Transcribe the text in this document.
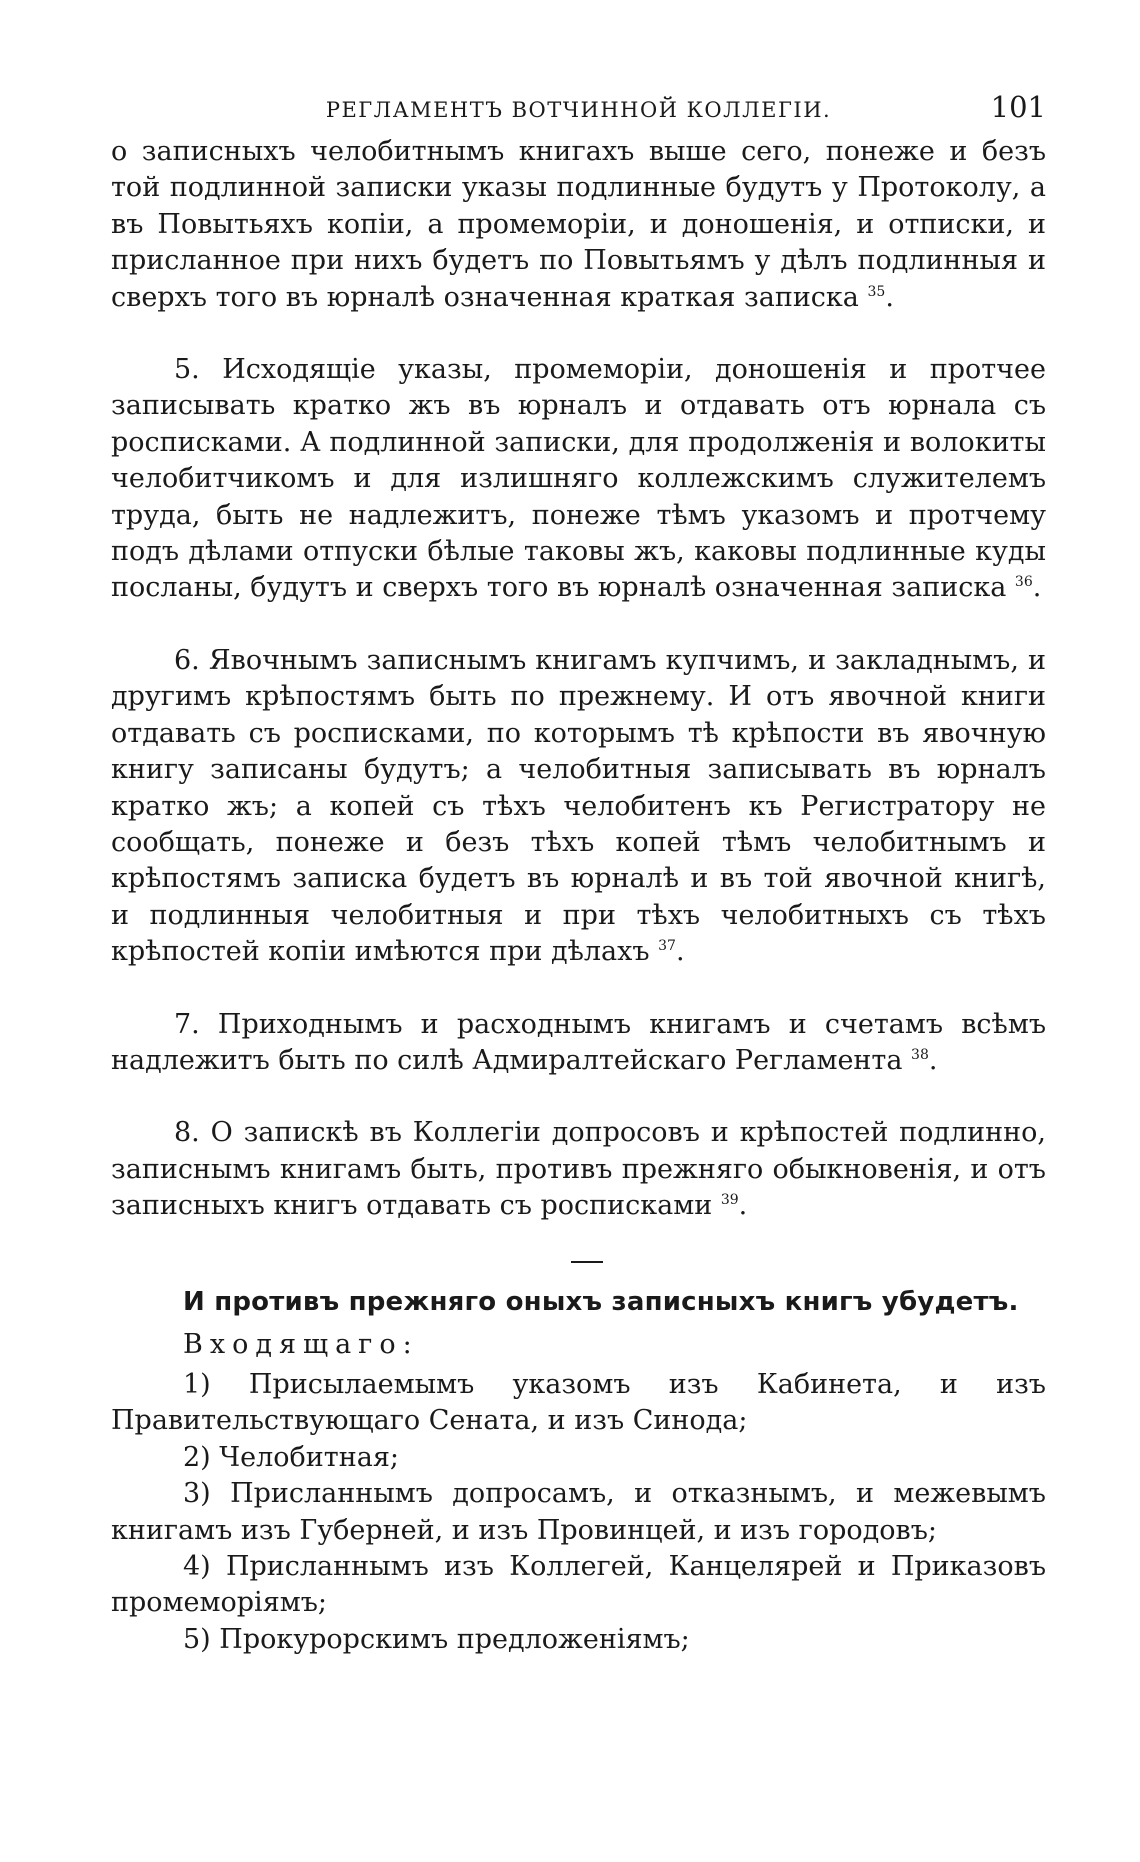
РЕГЛАМЕНТЪ ВОТЧИННОЙ КОЛЛЕГІИ.	101

о записныхъ челобитнымъ книгахъ выше сего, понеже и безъ той подлинной записки указы подлинные будутъ у Протоколу, а въ Повытьяхъ копіи, а промеморіи, и доношенія, и отписки, и присланное при нихъ будетъ по Повытьямъ у дѣлъ подлинныя и сверхъ того въ юрналѣ означенная краткая записка $^{35}$.

5. Исходящіе указы, промеморіи, доношенія и протчее записывать кратко жъ въ юрналъ и отдавать отъ юрнала съ росписками. А подлинной записки, для продолженія и волокиты челобитчикомъ и для излишняго коллежскимъ служителемъ труда, быть не надлежитъ, понеже тѣмъ указомъ и протчему подъ дѣлами отпуски бѣлые таковы жъ, каковы подлинные куды посланы, будутъ и сверхъ того въ юрналѣ означенная записка $^{36}$.

6. Явочнымъ записнымъ книгамъ купчимъ, и закладнымъ, и другимъ крѣпостямъ быть по прежнему. И отъ явочной книги отдавать съ росписками, по которымъ тѣ крѣпости въ явочную книгу записаны будутъ; а челобитныя записывать въ юрналъ кратко жъ; а копей съ тѣхъ челобитенъ къ Регистратору не сообщать, понеже и безъ тѣхъ копей тѣмъ челобитнымъ и крѣпостямъ записка будетъ въ юрналѣ и въ той явочной книгѣ, и подлинныя челобитныя и при тѣхъ челобитныхъ съ тѣхъ крѣпостей копіи имѣются при дѣлахъ $^{37}$.

7. Приходнымъ и расходнымъ книгамъ и счетамъ всѣмъ надлежитъ быть по силѣ Адмиралтейскаго Регламента $^{38}$.

8. О запискѣ въ Коллегіи допросовъ и крѣпостей подлинно, записнымъ книгамъ быть, противъ прежняго обыкновенія, и отъ записныхъ книгъ отдавать съ росписками $^{39}$.

И противъ прежняго оныхъ записныхъ книгъ убудетъ.
Входящаго:
1) Присылаемымъ указомъ изъ Кабинета, и изъ Правительствующаго Сената, и изъ Синода;
2) Челобитная;
3) Присланнымъ допросамъ, и отказнымъ, и межевымъ книгамъ изъ Губерней, и изъ Провинцей, и изъ городовъ;
4) Присланнымъ изъ Коллегей, Канцелярей и Приказовъ промеморіямъ;
5) Прокурорскимъ предложеніямъ;
